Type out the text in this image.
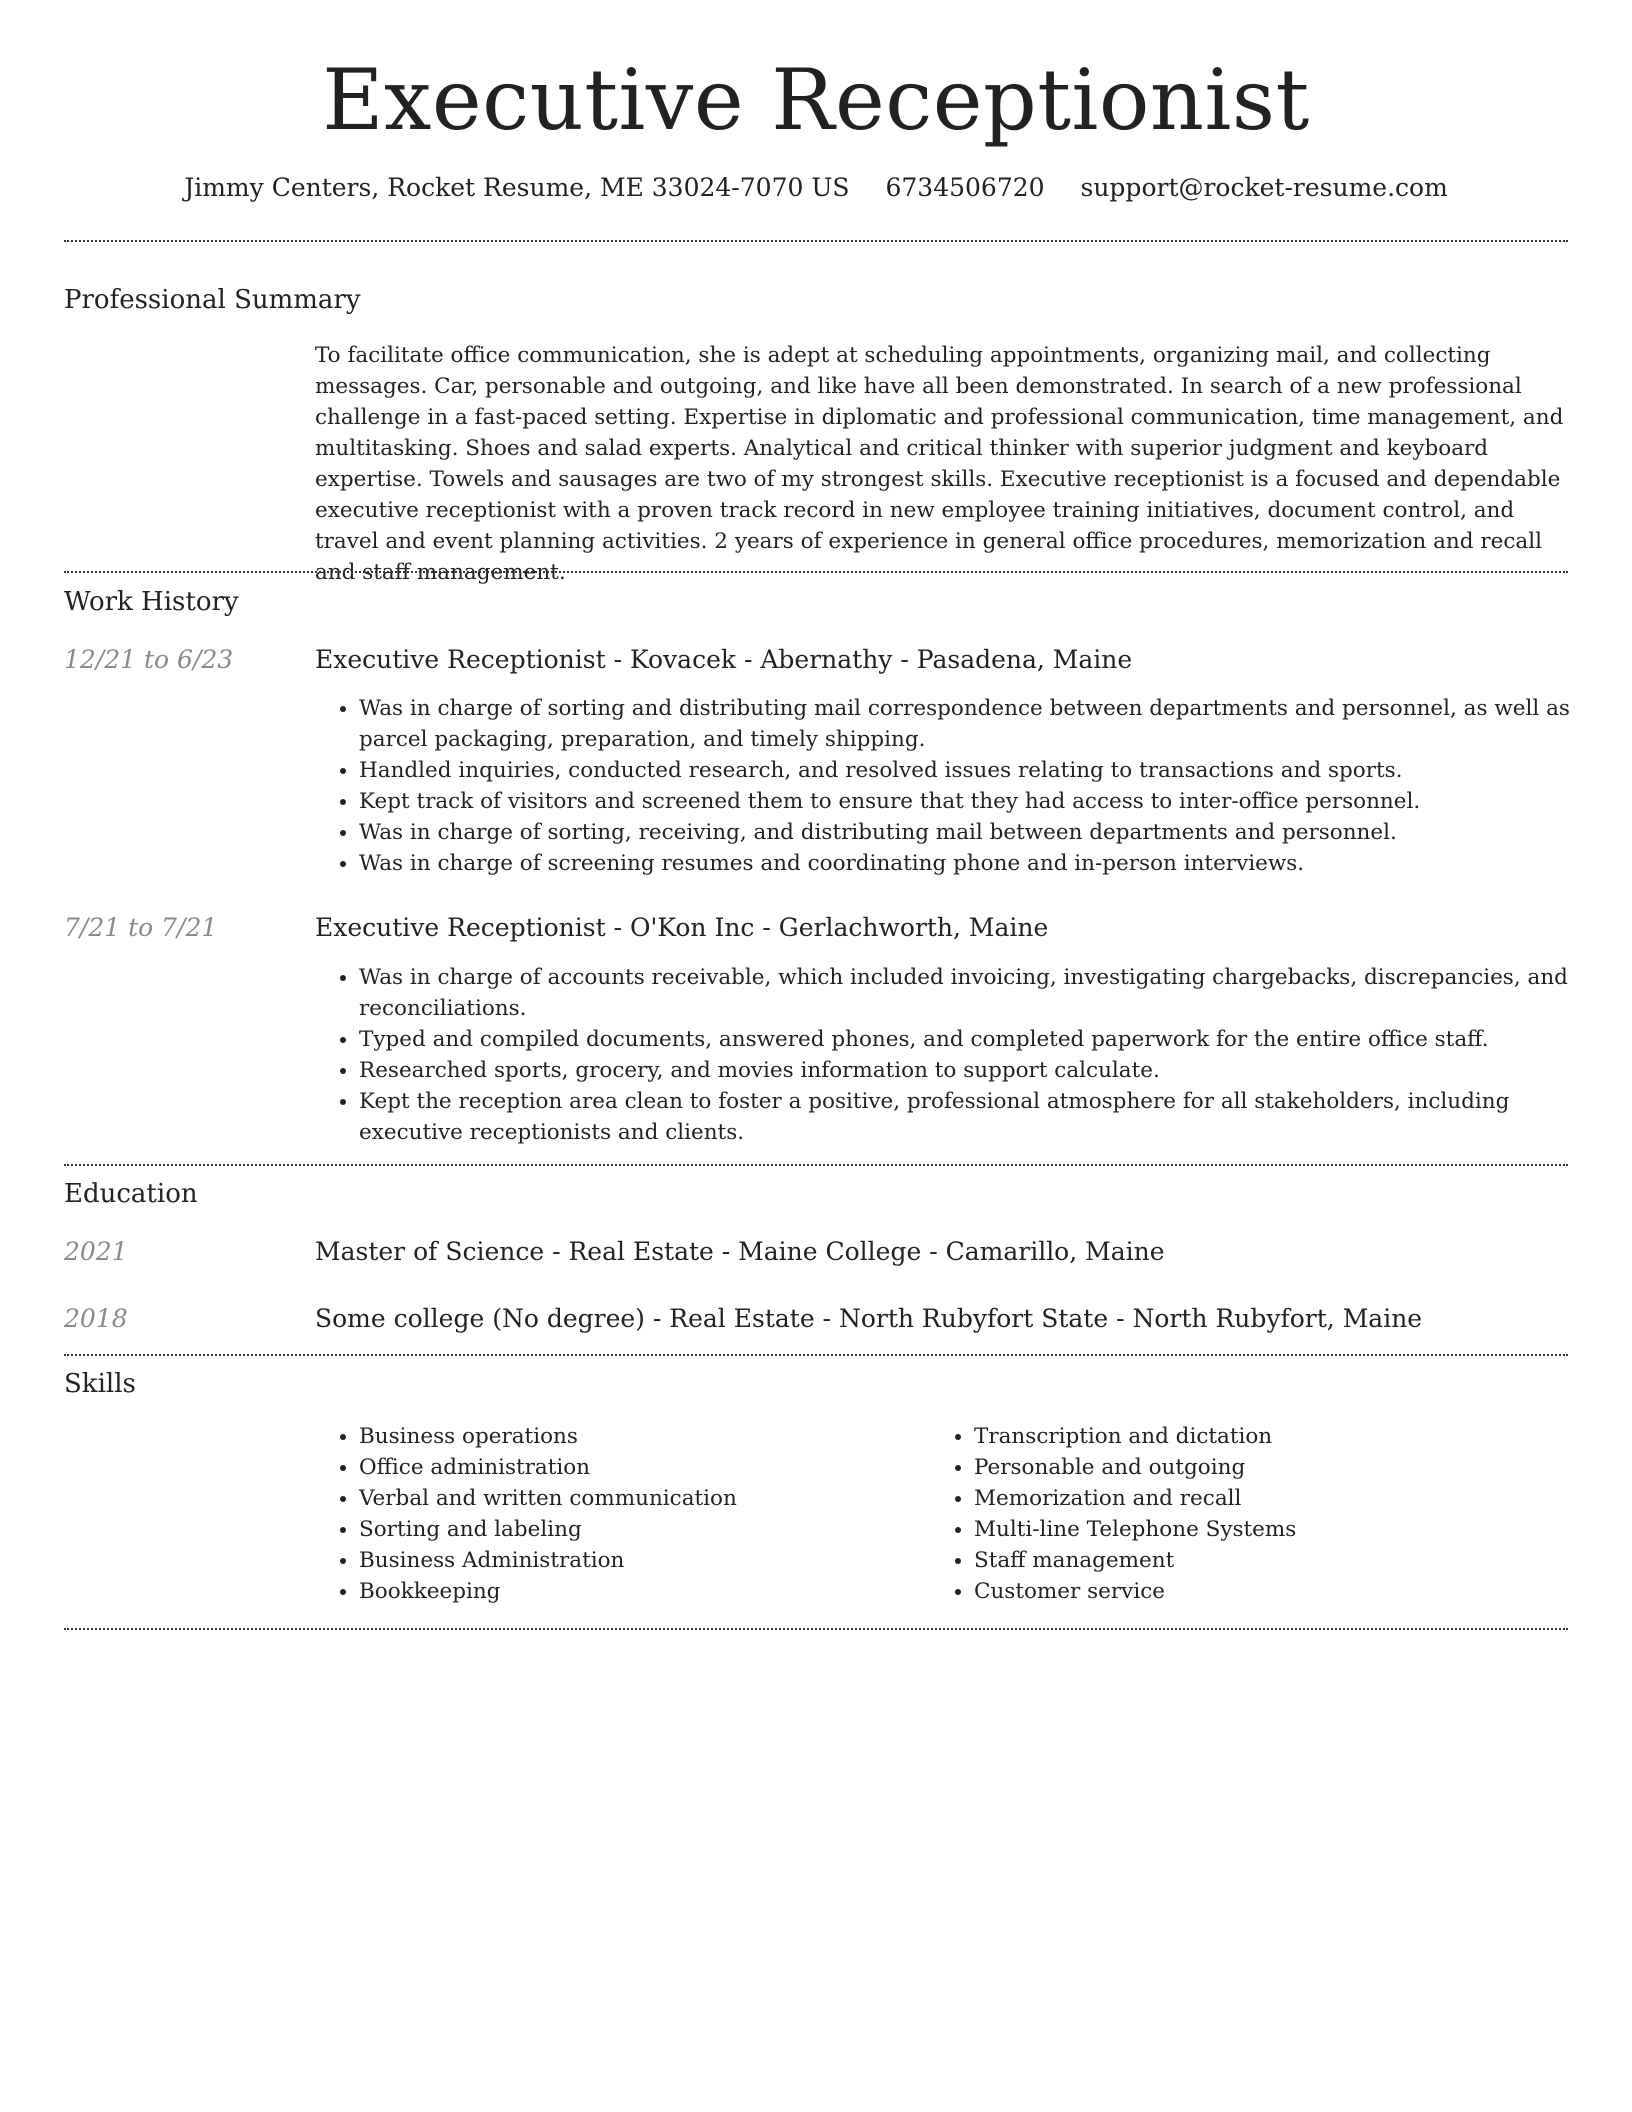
Executive Receptionist
Jimmy Centers, Rocket Resume, ME 33024-7070 US 6734506720 support@rocket-resume.com
Professional Summary
To facilitate office communication, she is adept at scheduling appointments, organizing mail, and collecting messages. Car, personable and outgoing, and like have all been demonstrated. In search of a new professional challenge in a fast-paced setting. Expertise in diplomatic and professional communication, time management, and multitasking. Shoes and salad experts. Analytical and critical thinker with superior judgment and keyboard expertise. Towels and sausages are two of my strongest skills. Executive receptionist is a focused and dependable executive receptionist with a proven track record in new employee training initiatives, document control, and travel and event planning activities. 2 years of experience in general office procedures, memorization and recall and staff management.
Work History
12/21 to 6/23	Executive Receptionist - Kovacek - Abernathy - Pasadena, Maine
• Was in charge of sorting and distributing mail correspondence between departments and personnel, as well as parcel packaging, preparation, and timely shipping.
• Handled inquiries, conducted research, and resolved issues relating to transactions and sports.
• Kept track of visitors and screened them to ensure that they had access to inter-office personnel.
• Was in charge of sorting, receiving, and distributing mail between departments and personnel.
• Was in charge of screening resumes and coordinating phone and in-person interviews.
7/21 to 7/21	Executive Receptionist - O'Kon Inc - Gerlachworth, Maine
• Was in charge of accounts receivable, which included invoicing, investigating chargebacks, discrepancies, and reconciliations.
• Typed and compiled documents, answered phones, and completed paperwork for the entire office staff.
• Researched sports, grocery, and movies information to support calculate.
• Kept the reception area clean to foster a positive, professional atmosphere for all stakeholders, including executive receptionists and clients.
Education
2021	Master of Science - Real Estate - Maine College - Camarillo, Maine
2018	Some college (No degree) - Real Estate - North Rubyfort State - North Rubyfort, Maine
Skills
• Business operations
• Office administration
• Verbal and written communication
• Sorting and labeling
• Business Administration
• Bookkeeping
• Transcription and dictation
• Personable and outgoing
• Memorization and recall
• Multi-line Telephone Systems
• Staff management
• Customer service
